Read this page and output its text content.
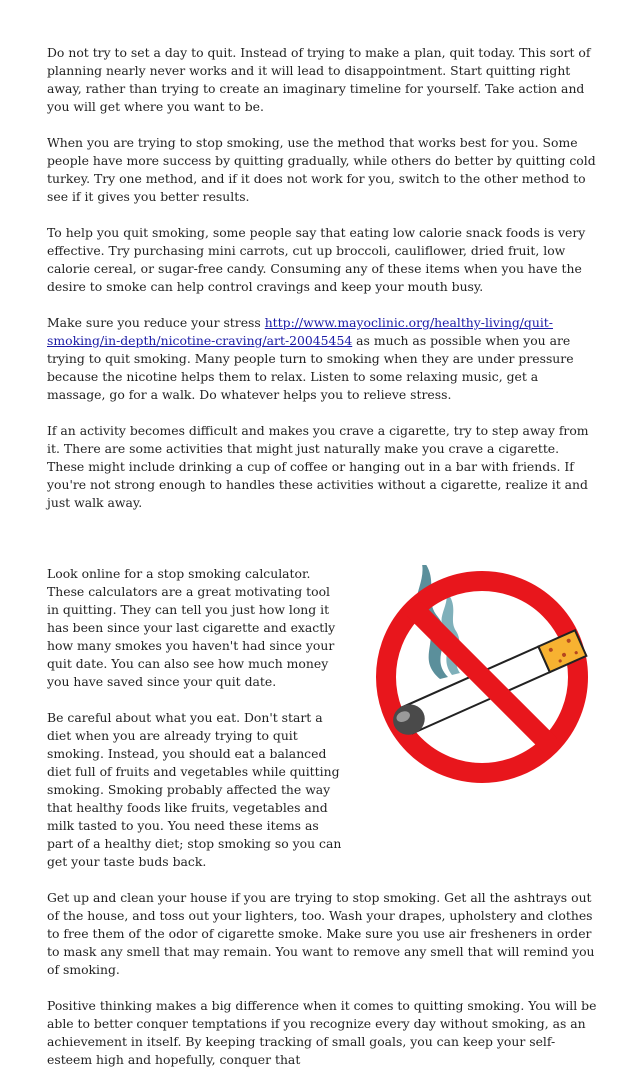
Do not try to set a day to quit. Instead of trying to make a plan, quit today. This sort of planning nearly never works and it will lead to disappointment. Start quitting right away, rather than trying to create an imaginary timeline for yourself. Take action and you will get where you want to be.

When you are trying to stop smoking, use the method that works best for you. Some people have more success by quitting gradually, while others do better by quitting cold turkey. Try one method, and if it does not work for you, switch to the other method to see if it gives you better results.

To help you quit smoking, some people say that eating low calorie snack foods is very effective. Try purchasing mini carrots, cut up broccoli, cauliflower, dried fruit, low calorie cereal, or sugar-free candy. Consuming any of these items when you have the desire to smoke can help control cravings and keep your mouth busy.

Make sure you reduce your stress http://www.mayoclinic.org/healthy-living/quit-smoking/in-depth/nicotine-craving/art-20045454 as much as possible when you are trying to quit smoking. Many people turn to smoking when they are under pressure because the nicotine helps them to relax. Listen to some relaxing music, get a massage, go for a walk. Do whatever helps you to relieve stress.

If an activity becomes difficult and makes you crave a cigarette, try to step away from it. There are some activities that might just naturally make you crave a cigarette. These might include drinking a cup of coffee or hanging out in a bar with friends. If you're not strong enough to handles these activities without a cigarette, realize it and just walk away.

Look online for a stop smoking calculator. These calculators are a great motivating tool in quitting. They can tell you just how long it has been since your last cigarette and exactly how many smokes you haven't had since your quit date. You can also see how much money you have saved since your quit date.

Be careful about what you eat. Don't start a diet when you are already trying to quit smoking. Instead, you should eat a balanced diet full of fruits and vegetables while quitting smoking. Smoking probably affected the way that healthy foods like fruits, vegetables and milk tasted to you. You need these items as part of a healthy diet; stop smoking so you can get your taste buds back.

Get up and clean your house if you are trying to stop smoking. Get all the ashtrays out of the house, and toss out your lighters, too. Wash your drapes, upholstery and clothes to free them of the odor of cigarette smoke. Make sure you use air fresheners in order to mask any smell that may remain. You want to remove any smell that will remind you of smoking.

Positive thinking makes a big difference when it comes to quitting smoking. You will be able to better conquer temptations if you recognize every day without smoking, as an achievement in itself. By keeping tracking of small goals, you can keep your self-esteem high and hopefully, conquer that
